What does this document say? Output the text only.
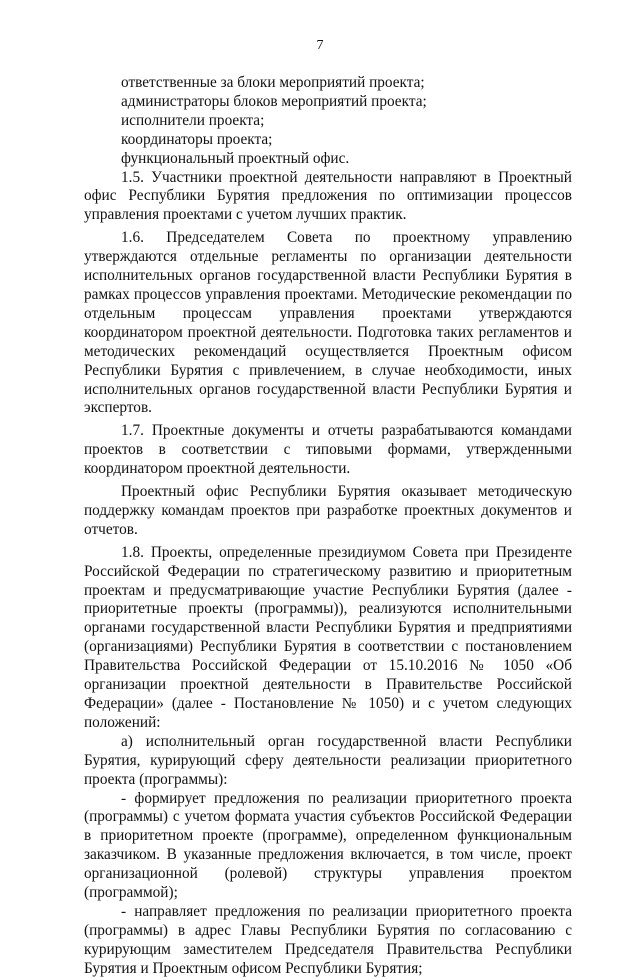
7

ответственные за блоки мероприятий проекта;

администраторы блоков мероприятий проекта;

исполнители проекта;

координаторы проекта;

функциональный проектный офис.

1.5. Участники проектной деятельности направляют в Проектный офис Республики Бурятия предложения по оптимизации процессов управления проектами с учетом лучших практик.

1.6. Председателем Совета по проектному управлению утверждаются отдельные регламенты по организации деятельности исполнительных органов государственной власти Республики Бурятия в рамках процессов управления проектами. Методические рекомендации по отдельным процессам управления проектами утверждаются координатором проектной деятельности. Подготовка таких регламентов и методических рекомендаций осуществляется Проектным офисом Республики Бурятия с привлечением, в случае необходимости, иных исполнительных органов государственной власти Республики Бурятия и экспертов.

1.7. Проектные документы и отчеты разрабатываются командами проектов в соответствии с типовыми формами, утвержденными координатором проектной деятельности.

Проектный офис Республики Бурятия оказывает методическую поддержку командам проектов при разработке проектных документов и отчетов.

1.8. Проекты, определенные президиумом Совета при Президенте Российской Федерации по стратегическому развитию и приоритетным проектам и предусматривающие участие Республики Бурятия (далее - приоритетные проекты (программы)), реализуются исполнительными органами государственной власти Республики Бурятия и предприятиями (организациями) Республики Бурятия в соответствии с постановлением Правительства Российской Федерации от 15.10.2016 № 1050 «Об организации проектной деятельности в Правительстве Российской Федерации» (далее - Постановление № 1050) и с учетом следующих положений:

а) исполнительный орган государственной власти Республики Бурятия, курирующий сферу деятельности реализации приоритетного проекта (программы):

- формирует предложения по реализации приоритетного проекта (программы) с учетом формата участия субъектов Российской Федерации в приоритетном проекте (программе), определенном функциональным заказчиком. В указанные предложения включается, в том числе, проект организационной (ролевой) структуры управления проектом (программой);

- направляет предложения по реализации приоритетного проекта (программы) в адрес Главы Республики Бурятия по согласованию с курирующим заместителем Председателя Правительства Республики Бурятия и Проектным офисом Республики Бурятия;
